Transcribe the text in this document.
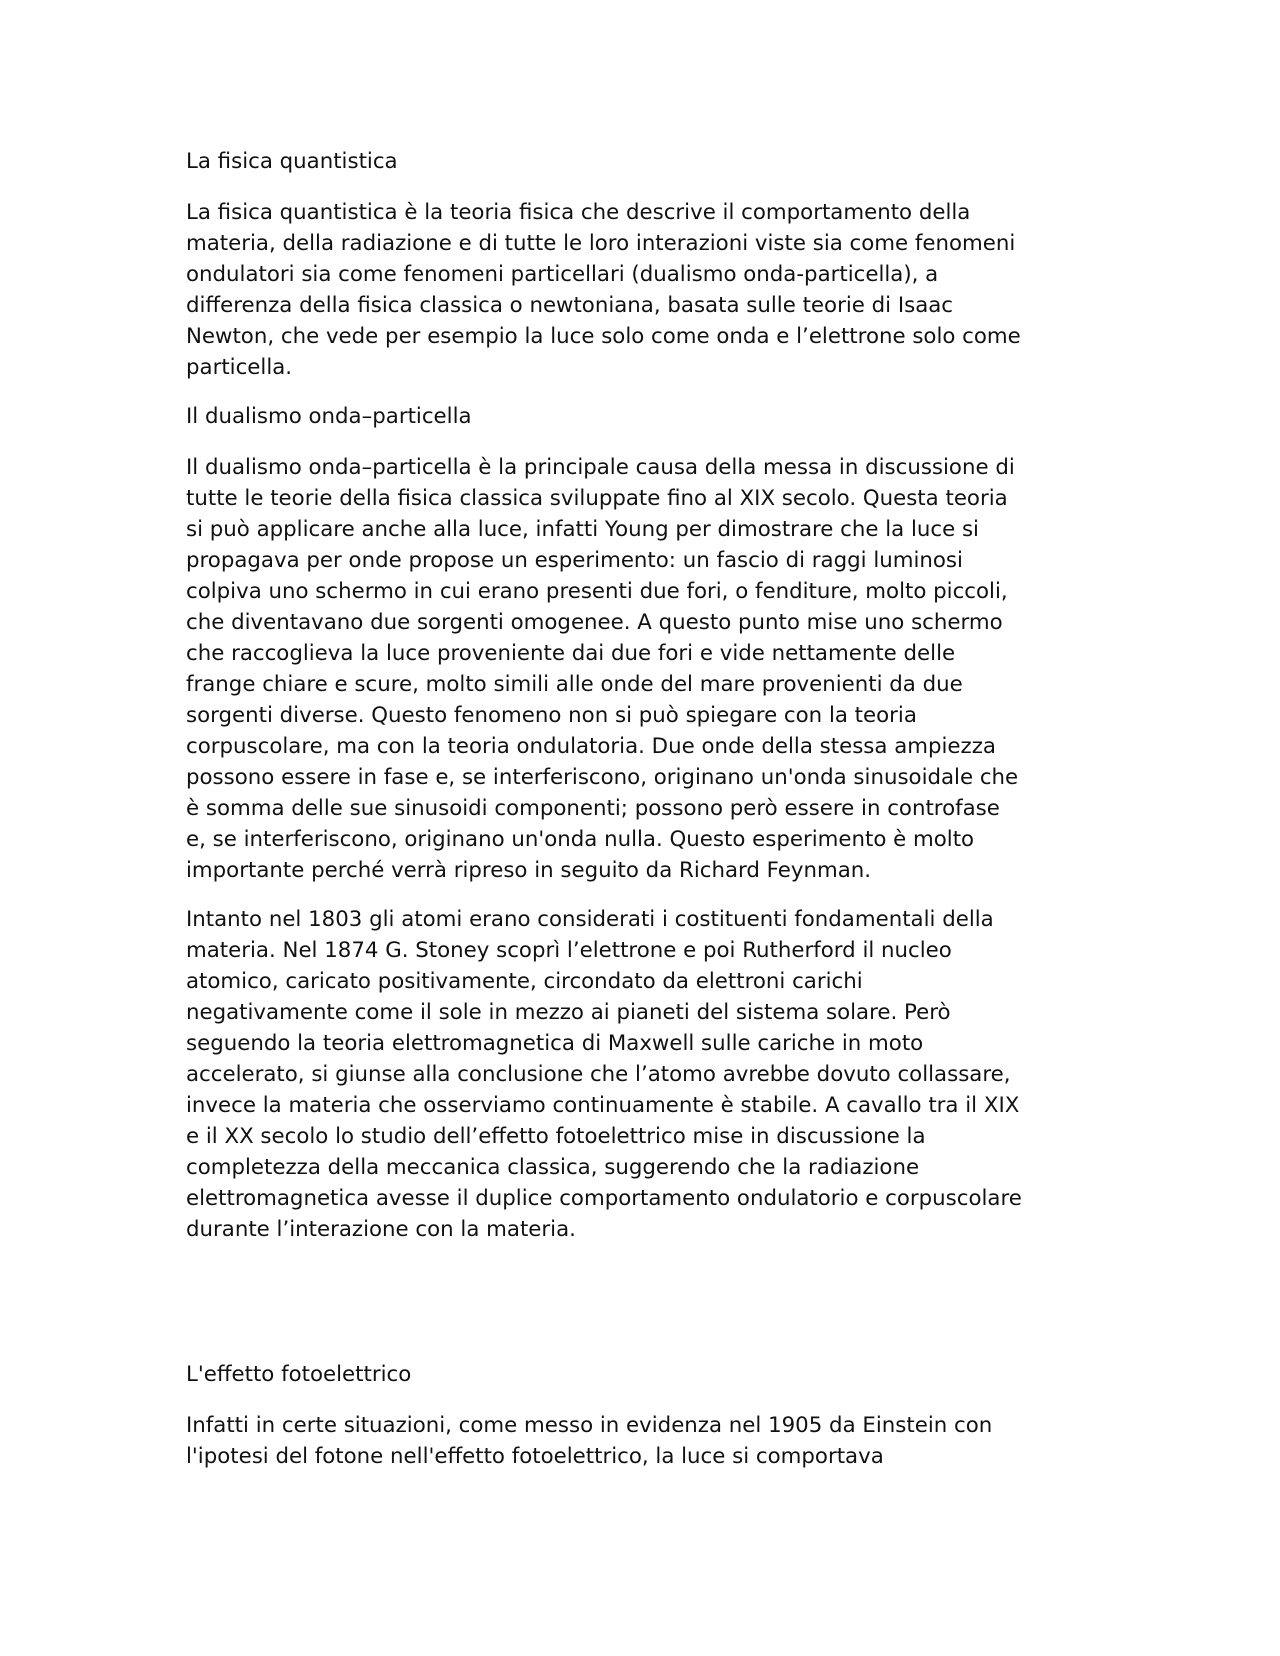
La fisica quantistica

La fisica quantistica è la teoria fisica che descrive il comportamento della
materia, della radiazione e di tutte le loro interazioni viste sia come fenomeni
ondulatori sia come fenomeni particellari (dualismo onda-particella), a
differenza della fisica classica o newtoniana, basata sulle teorie di Isaac
Newton, che vede per esempio la luce solo come onda e l’elettrone solo come
particella.

Il dualismo onda–particella

Il dualismo onda–particella è la principale causa della messa in discussione di
tutte le teorie della fisica classica sviluppate fino al XIX secolo. Questa teoria
si può applicare anche alla luce, infatti Young per dimostrare che la luce si
propagava per onde propose un esperimento: un fascio di raggi luminosi
colpiva uno schermo in cui erano presenti due fori, o fenditure, molto piccoli,
che diventavano due sorgenti omogenee. A questo punto mise uno schermo
che raccoglieva la luce proveniente dai due fori e vide nettamente delle
frange chiare e scure, molto simili alle onde del mare provenienti da due
sorgenti diverse. Questo fenomeno non si può spiegare con la teoria
corpuscolare, ma con la teoria ondulatoria. Due onde della stessa ampiezza
possono essere in fase e, se interferiscono, originano un'onda sinusoidale che
è somma delle sue sinusoidi componenti; possono però essere in controfase
e, se interferiscono, originano un'onda nulla. Questo esperimento è molto
importante perché verrà ripreso in seguito da Richard Feynman.

Intanto nel 1803 gli atomi erano considerati i costituenti fondamentali della
materia. Nel 1874 G. Stoney scoprì l’elettrone e poi Rutherford il nucleo
atomico, caricato positivamente, circondato da elettroni carichi
negativamente come il sole in mezzo ai pianeti del sistema solare. Però
seguendo la teoria elettromagnetica di Maxwell sulle cariche in moto
accelerato, si giunse alla conclusione che l’atomo avrebbe dovuto collassare,
invece la materia che osserviamo continuamente è stabile. A cavallo tra il XIX
e il XX secolo lo studio dell’effetto fotoelettrico mise in discussione la
completezza della meccanica classica, suggerendo che la radiazione
elettromagnetica avesse il duplice comportamento ondulatorio e corpuscolare
durante l’interazione con la materia.

L'effetto fotoelettrico

Infatti in certe situazioni, come messo in evidenza nel 1905 da Einstein con
l'ipotesi del fotone nell'effetto fotoelettrico, la luce si comportava
